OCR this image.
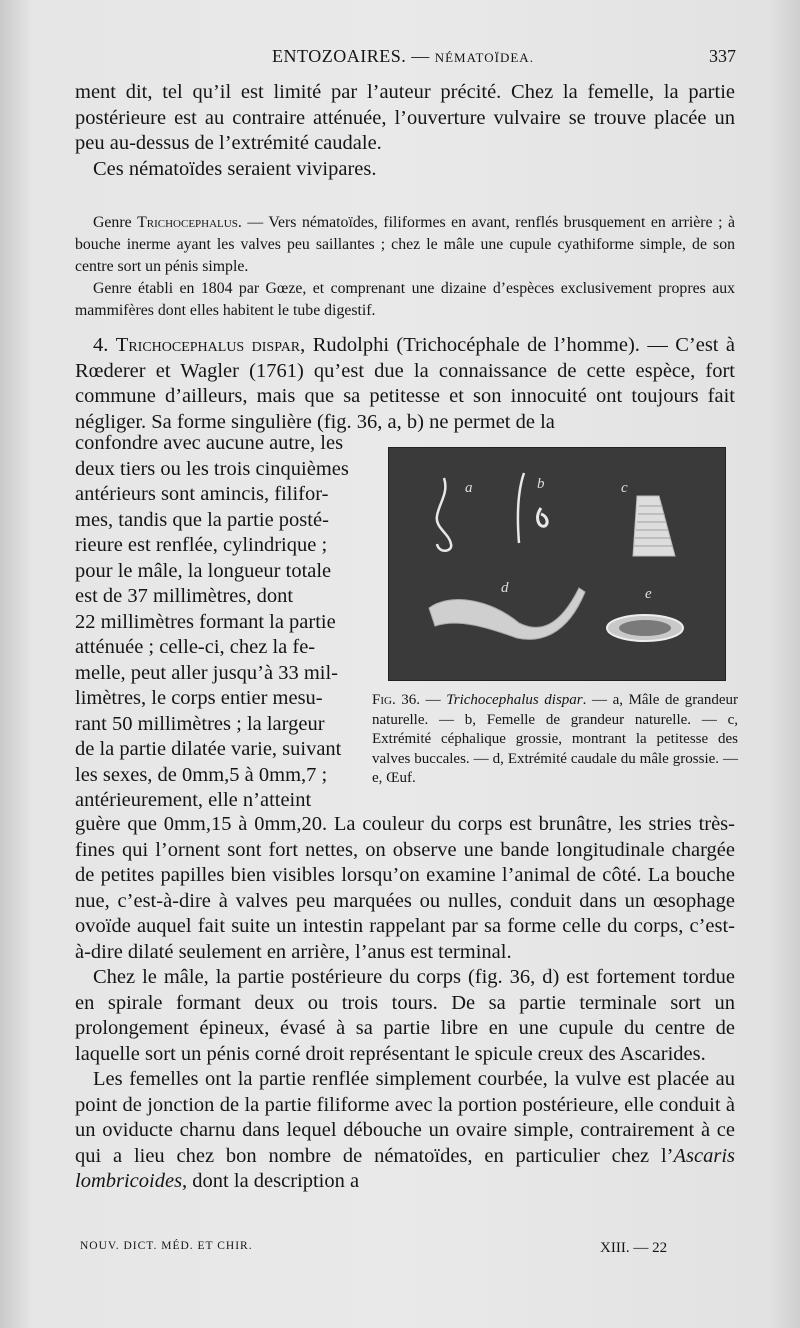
ENTOZOAIRES. — NÉMATOÏDEA.	337

ment dit, tel qu’il est limité par l’auteur précité. Chez la femelle, la partie postérieure est au contraire atténuée, l’ouverture vulvaire se trouve placée un peu au-dessus de l’extrémité caudale.

Ces nématoïdes seraient vivipares.

Genre Trichocephalus. — Vers nématoïdes, filiformes en avant, renflés brusquement en arrière ; à bouche inerme ayant les valves peu saillantes ; chez le mâle une cupule cyathiforme simple, de son centre sort un pénis simple.

Genre établi en 1804 par Gœze, et comprenant une dizaine d’espèces exclusivement propres aux mammifères dont elles habitent le tube digestif.

4. Trichocephalus dispar, Rudolphi (Trichocéphale de l’homme). — C’est à Rœderer et Wagler (1761) qu’est due la connaissance de cette espèce, fort commune d’ailleurs, mais que sa petitesse et son innocuité ont toujours fait négliger. Sa forme singulière (fig. 36, a, b) ne permet de la

confondre avec aucune autre, les
deux tiers ou les trois cinquièmes
antérieurs sont amincis, filifor-
mes, tandis que la partie posté-
rieure est renflée, cylindrique ;
pour le mâle, la longueur totale
est de 37 millimètres, dont
22 millimètres formant la partie
atténuée ; celle-ci, chez la fe-
melle, peut aller jusqu’à 33 mil-
limètres, le corps entier mesu-
rant 50 millimètres ; la largeur
de la partie dilatée varie, suivant
les sexes, de 0mm,5 à 0mm,7 ;
antérieurement, elle n’atteint
a	b	c
d	e
Fig. 36. — Trichocephalus dispar. — a, Mâle de grandeur naturelle. — b, Femelle de grandeur naturelle. — c, Extrémité céphalique grossie, montrant la petitesse des valves buccales. — d, Extrémité caudale du mâle grossie. — e, Œuf.

guère que 0mm,15 à 0mm,20. La couleur du corps est brunâtre, les stries très-fines qui l’ornent sont fort nettes, on observe une bande longitudinale chargée de petites papilles bien visibles lorsqu’on examine l’animal de côté. La bouche nue, c’est-à-dire à valves peu marquées ou nulles, conduit dans un œsophage ovoïde auquel fait suite un intestin rappelant par sa forme celle du corps, c’est-à-dire dilaté seulement en arrière, l’anus est terminal.

Chez le mâle, la partie postérieure du corps (fig. 36, d) est fortement tordue en spirale formant deux ou trois tours. De sa partie terminale sort un prolongement épineux, évasé à sa partie libre en une cupule du centre de laquelle sort un pénis corné droit représentant le spicule creux des Ascarides.

Les femelles ont la partie renflée simplement courbée, la vulve est placée au point de jonction de la partie filiforme avec la portion postérieure, elle conduit à un oviducte charnu dans lequel débouche un ovaire simple, contrairement à ce qui a lieu chez bon nombre de nématoïdes, en particulier chez l’Ascaris lombricoides, dont la description a

NOUV. DICT. MÉD. ET CHIR.	XIII. — 22
